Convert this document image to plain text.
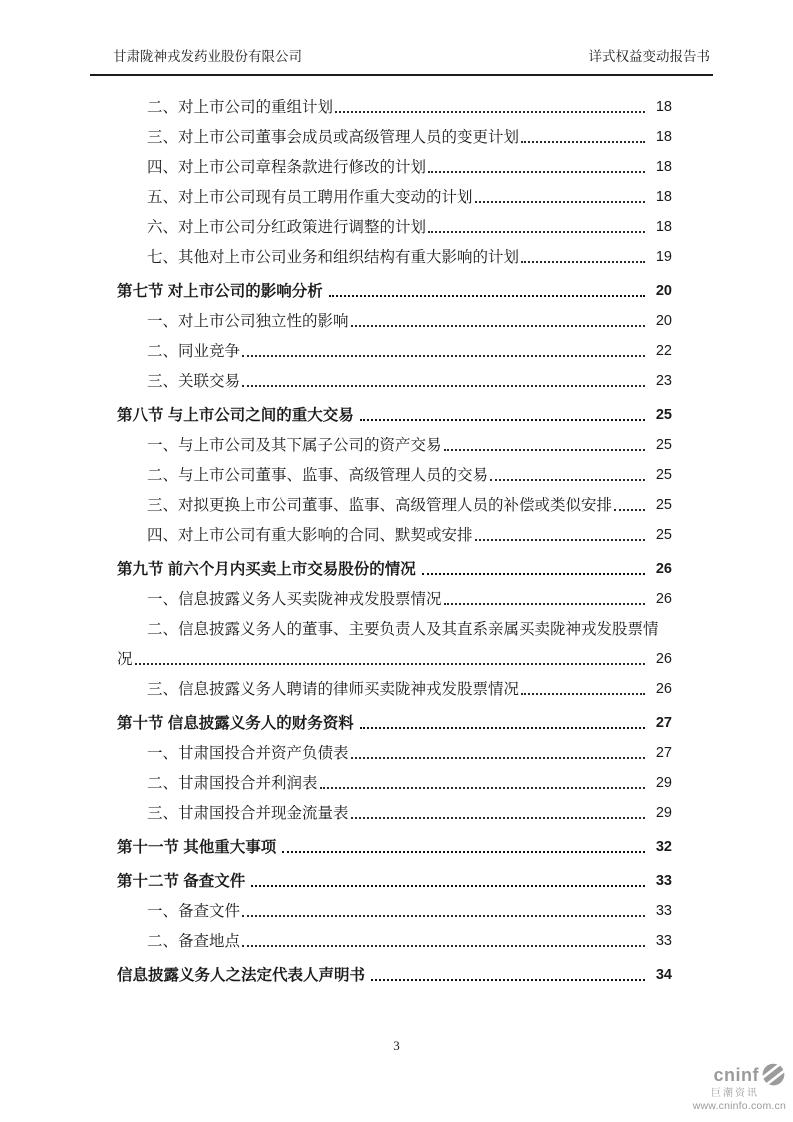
甘肃陇神戎发药业股份有限公司	详式权益变动报告书
二、对上市公司的重组计划	18
三、对上市公司董事会成员或高级管理人员的变更计划	18
四、对上市公司章程条款进行修改的计划	18
五、对上市公司现有员工聘用作重大变动的计划	18
六、对上市公司分红政策进行调整的计划	18
七、其他对上市公司业务和组织结构有重大影响的计划	19
第七节 对上市公司的影响分析	20
一、对上市公司独立性的影响	20
二、同业竞争	22
三、关联交易	23
第八节 与上市公司之间的重大交易	25
一、与上市公司及其下属子公司的资产交易	25
二、与上市公司董事、监事、高级管理人员的交易	25
三、对拟更换上市公司董事、监事、高级管理人员的补偿或类似安排	25
四、对上市公司有重大影响的合同、默契或安排	25
第九节 前六个月内买卖上市交易股份的情况	26
一、信息披露义务人买卖陇神戎发股票情况	26
二、信息披露义务人的董事、主要负责人及其直系亲属买卖陇神戎发股票情
况	26
三、信息披露义务人聘请的律师买卖陇神戎发股票情况	26
第十节 信息披露义务人的财务资料	27
一、甘肃国投合并资产负债表	27
二、甘肃国投合并利润表	29
三、甘肃国投合并现金流量表	29
第十一节 其他重大事项	32
第十二节 备查文件	33
一、备查文件	33
二、备查地点	33
信息披露义务人之法定代表人声明书	34
3
cninf
巨潮资讯
www.cninfo.com.cn
